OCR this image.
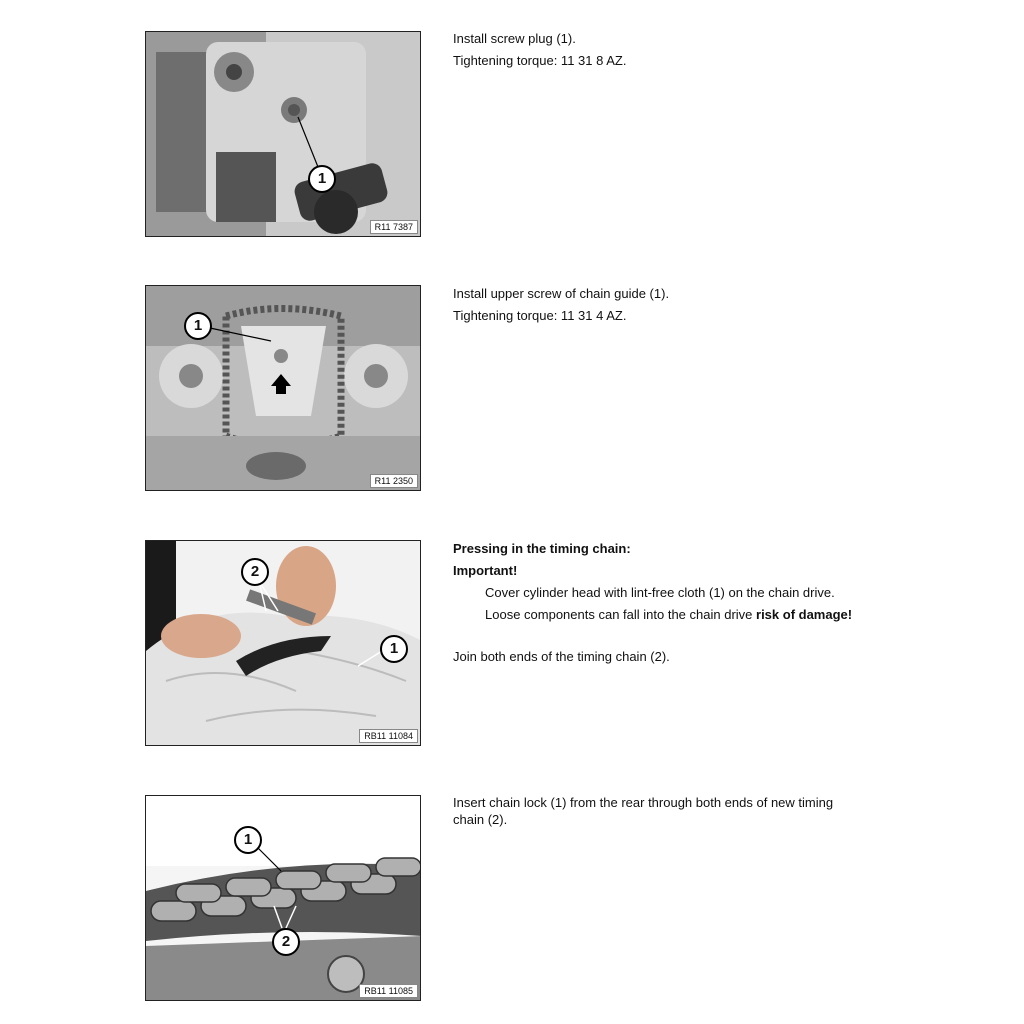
1
R11 7387

Install screw plug (1).

Tightening torque: 11 31 8 AZ.

1
R11 2350

Install upper screw of chain guide (1).

Tightening torque: 11 31 4 AZ.

2
1
RB11 11084

Pressing in the timing chain:

Important!

Cover cylinder head with lint-free cloth (1) on the chain drive.

Loose components can fall into the chain drive risk of damage!

Join both ends of the timing chain (2).

1
2
RB11 11085

Insert chain lock (1) from the rear through both ends of new timing

chain (2).
